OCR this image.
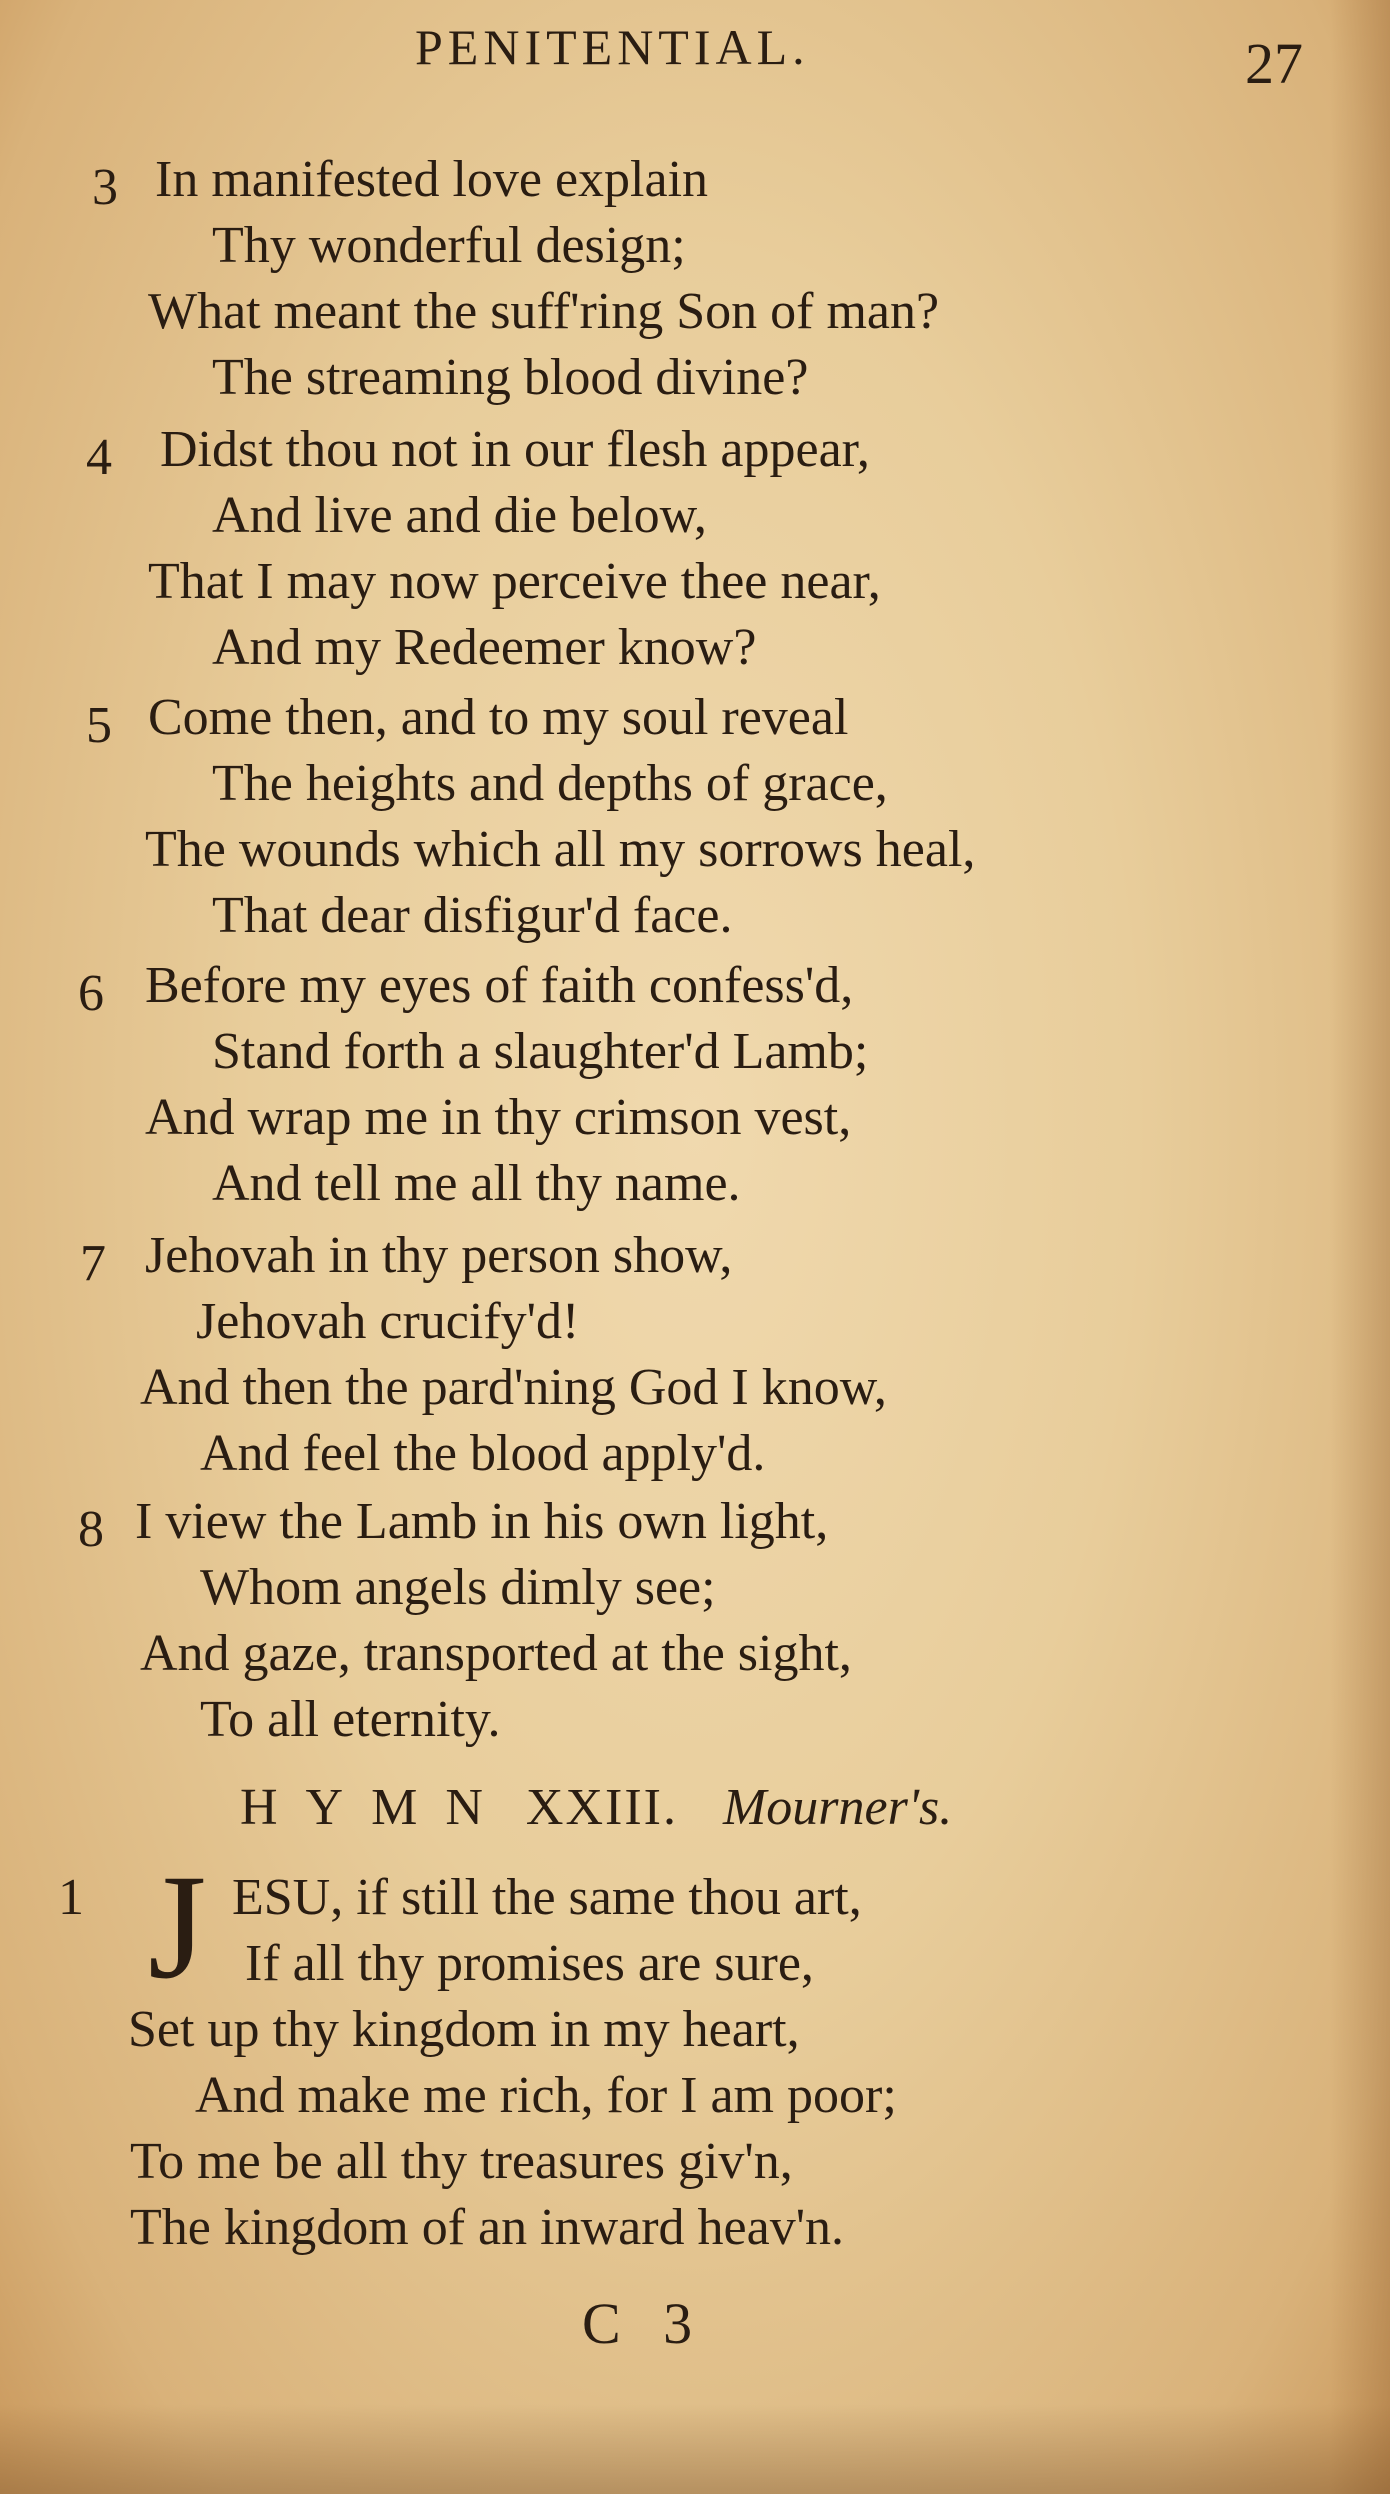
PENITENTIAL.	27
3 In manifested love explain
Thy wonderful design;
What meant the suff'ring Son of man?
The streaming blood divine?
4 Didst thou not in our flesh appear,
And live and die below,
That I may now perceive thee near,
And my Redeemer know?
5 Come then, and to my soul reveal
The heights and depths of grace,
The wounds which all my sorrows heal,
That dear disfigur'd face.
6 Before my eyes of faith confess'd,
Stand forth a slaughter'd Lamb;
And wrap me in thy crimson vest,
And tell me all thy name.
7 Jehovah in thy person show,
Jehovah crucify'd!
And then the pard'ning God I know,
And feel the blood apply'd.
8 I view the Lamb in his own light,
Whom angels dimly see;
And gaze, transported at the sight,
To all eternity.
HYMN XXIII. Mourner's.
1 J ESU, if still the same thou art,
If all thy promises are sure,
Set up thy kingdom in my heart,
And make me rich, for I am poor;
To me be all thy treasures giv'n,
The kingdom of an inward heav'n.
C 3
